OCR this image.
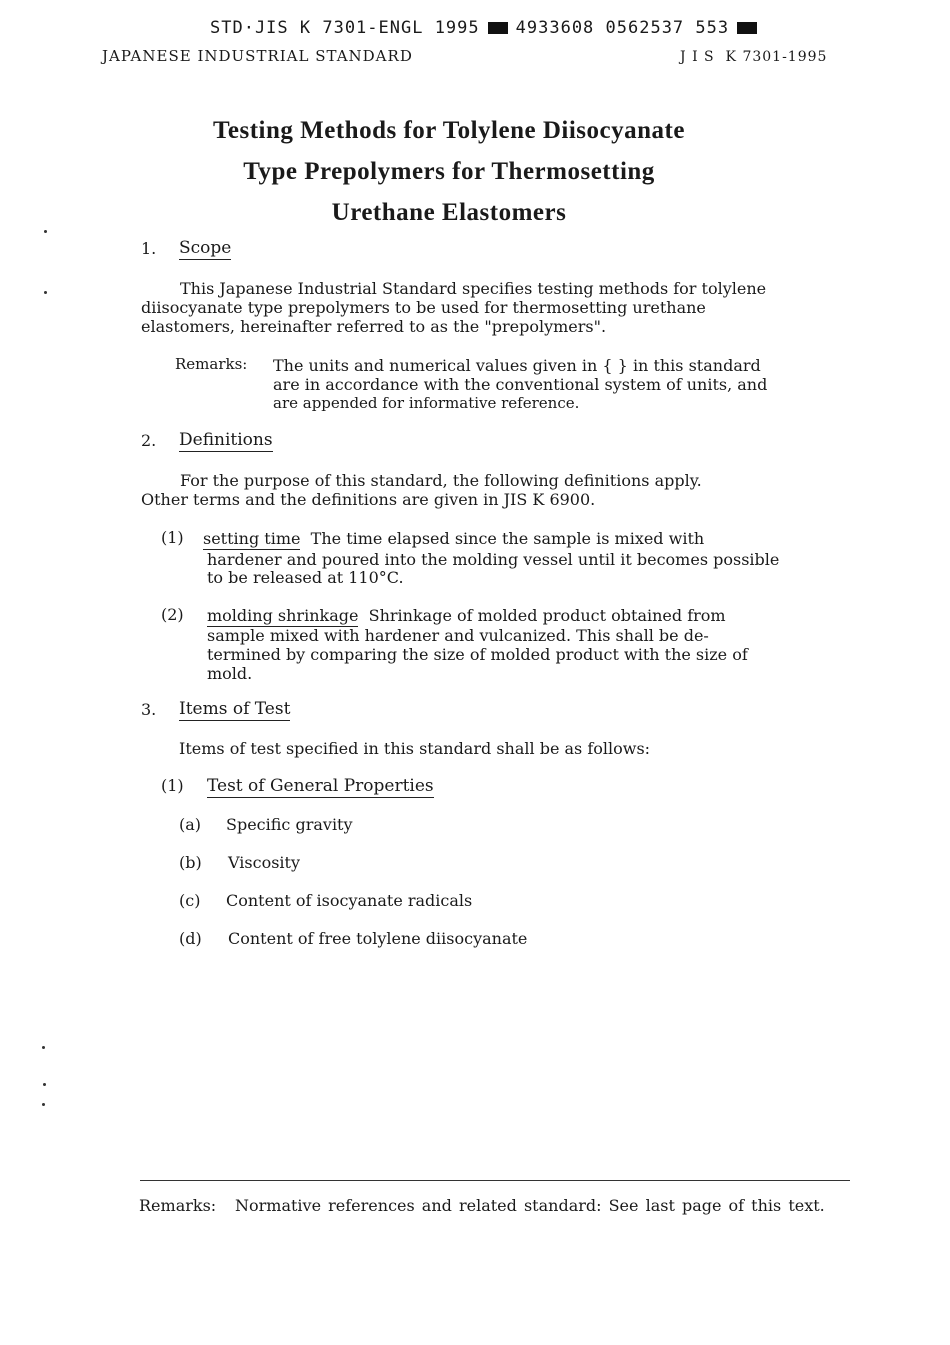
STD·JIS K 7301-ENGL 1995 4933608 0562537 553
JAPANESE INDUSTRIAL STANDARD	J I S  K 7301-1995
Testing Methods for Tolylene Diisocyanate
Type Prepolymers for Thermosetting
Urethane Elastomers
1. Scope
This Japanese Industrial Standard specifies testing methods for tolylene
diisocyanate type prepolymers to be used for thermosetting urethane
elastomers, hereinafter referred to as the "prepolymers".
Remarks: The units and numerical values given in { } in this standard
are in accordance with the conventional system of units, and
are appended for informative reference.
2. Definitions
For the purpose of this standard, the following definitions apply.
Other terms and the definitions are given in JIS K 6900.
(1) setting time The time elapsed since the sample is mixed with
hardener and poured into the molding vessel until it becomes possible
to be released at 110°C.
(2) molding shrinkage Shrinkage of molded product obtained from
sample mixed with hardener and vulcanized. This shall be de-
termined by comparing the size of molded product with the size of
mold.
3. Items of Test
Items of test specified in this standard shall be as follows:
(1) Test of General Properties
(a) Specific gravity
(b) Viscosity
(c) Content of isocyanate radicals
(d) Content of free tolylene diisocyanate
Remarks: Normative references and related standard: See last page of this text.
